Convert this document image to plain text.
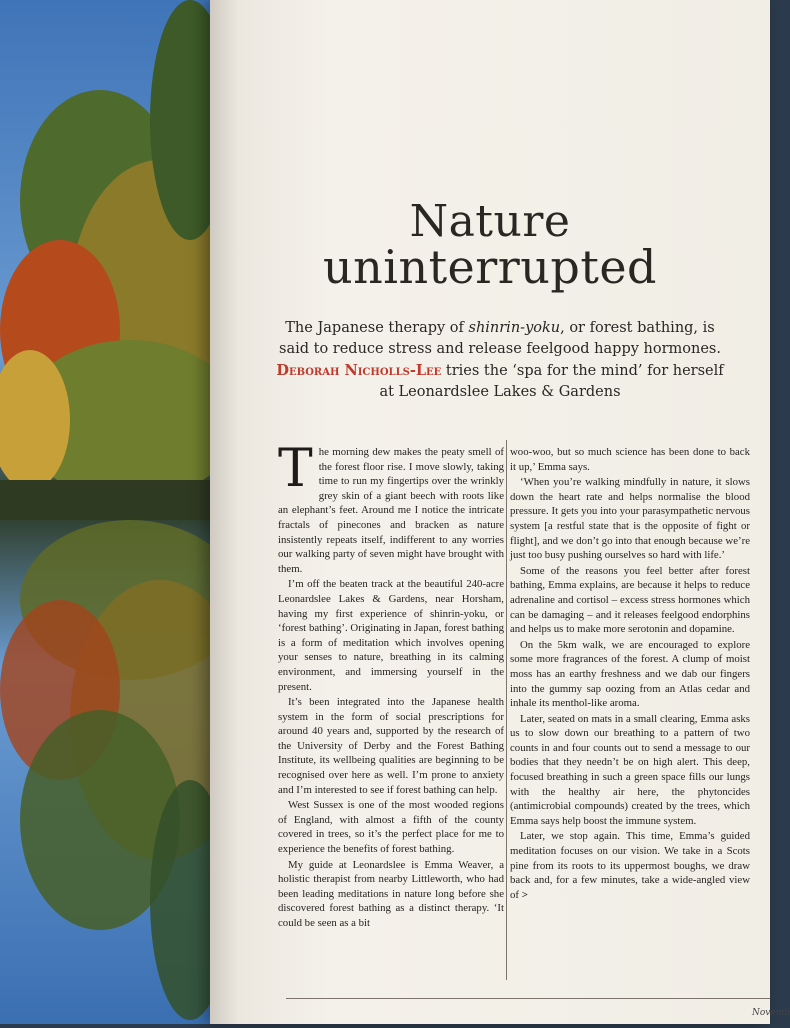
Nature
uninterrupted
The Japanese therapy of shinrin-yoku, or forest bathing, is said to reduce stress and release feelgood happy hormones. Deborah Nicholls-Lee tries the ‘spa for the mind’ for herself at Leonardslee Lakes & Gardens

The morning dew makes the peaty smell of the forest floor rise. I move slowly, taking time to run my fingertips over the wrinkly grey skin of a giant beech with roots like an elephant’s feet. Around me I notice the intricate fractals of pinecones and bracken as nature insistently repeats itself, indifferent to any worries our walking party of seven might have brought with them.

I’m off the beaten track at the beautiful 240-acre Leonardslee Lakes & Gardens, near Horsham, having my first experience of shinrin-yoku, or ‘forest bathing’. Originating in Japan, forest bathing is a form of meditation which involves opening your senses to nature, breathing in its calming environment, and immersing yourself in the present.

It’s been integrated into the Japanese health system in the form of social prescriptions for around 40 years and, supported by the research of the University of Derby and the Forest Bathing Institute, its wellbeing qualities are beginning to be recognised over here as well. I’m prone to anxiety and I’m interested to see if forest bathing can help.

West Sussex is one of the most wooded regions of England, with almost a fifth of the county covered in trees, so it’s the perfect place for me to experience the benefits of forest bathing.

My guide at Leonardslee is Emma Weaver, a holistic therapist from nearby Littleworth, who had been leading meditations in nature long before she discovered forest bathing as a distinct therapy. ‘It could be seen as a bit

woo-woo, but so much science has been done to back it up,’ Emma says.

‘When you’re walking mindfully in nature, it slows down the heart rate and helps normalise the blood pressure. It gets you into your parasympathetic nervous system [a restful state that is the opposite of fight or flight], and we don’t go into that enough because we’re just too busy pushing ourselves so hard with life.’

Some of the reasons you feel better after forest bathing, Emma explains, are because it helps to reduce adrenaline and cortisol – excess stress hormones which can be damaging – and it releases feelgood endorphins and helps us to make more serotonin and dopamine.

On the 5km walk, we are encouraged to explore some more fragrances of the forest. A clump of moist moss has an earthy freshness and we dab our fingers into the gummy sap oozing from an Atlas cedar and inhale its menthol-like aroma.

Later, seated on mats in a small clearing, Emma asks us to slow down our breathing to a pattern of two counts in and four counts out to send a message to our bodies that they needn’t be on high alert. This deep, focused breathing in such a green space fills our lungs with the healthy air here, the phytoncides (antimicrobial compounds) created by the trees, which Emma says help boost the immune system.

Later, we stop again. This time, Emma’s guided meditation focuses on our vision. We take in a Scots pine from its roots to its uppermost boughs, we draw back and, for a few minutes, take a wide-angled view of >

Novemb
